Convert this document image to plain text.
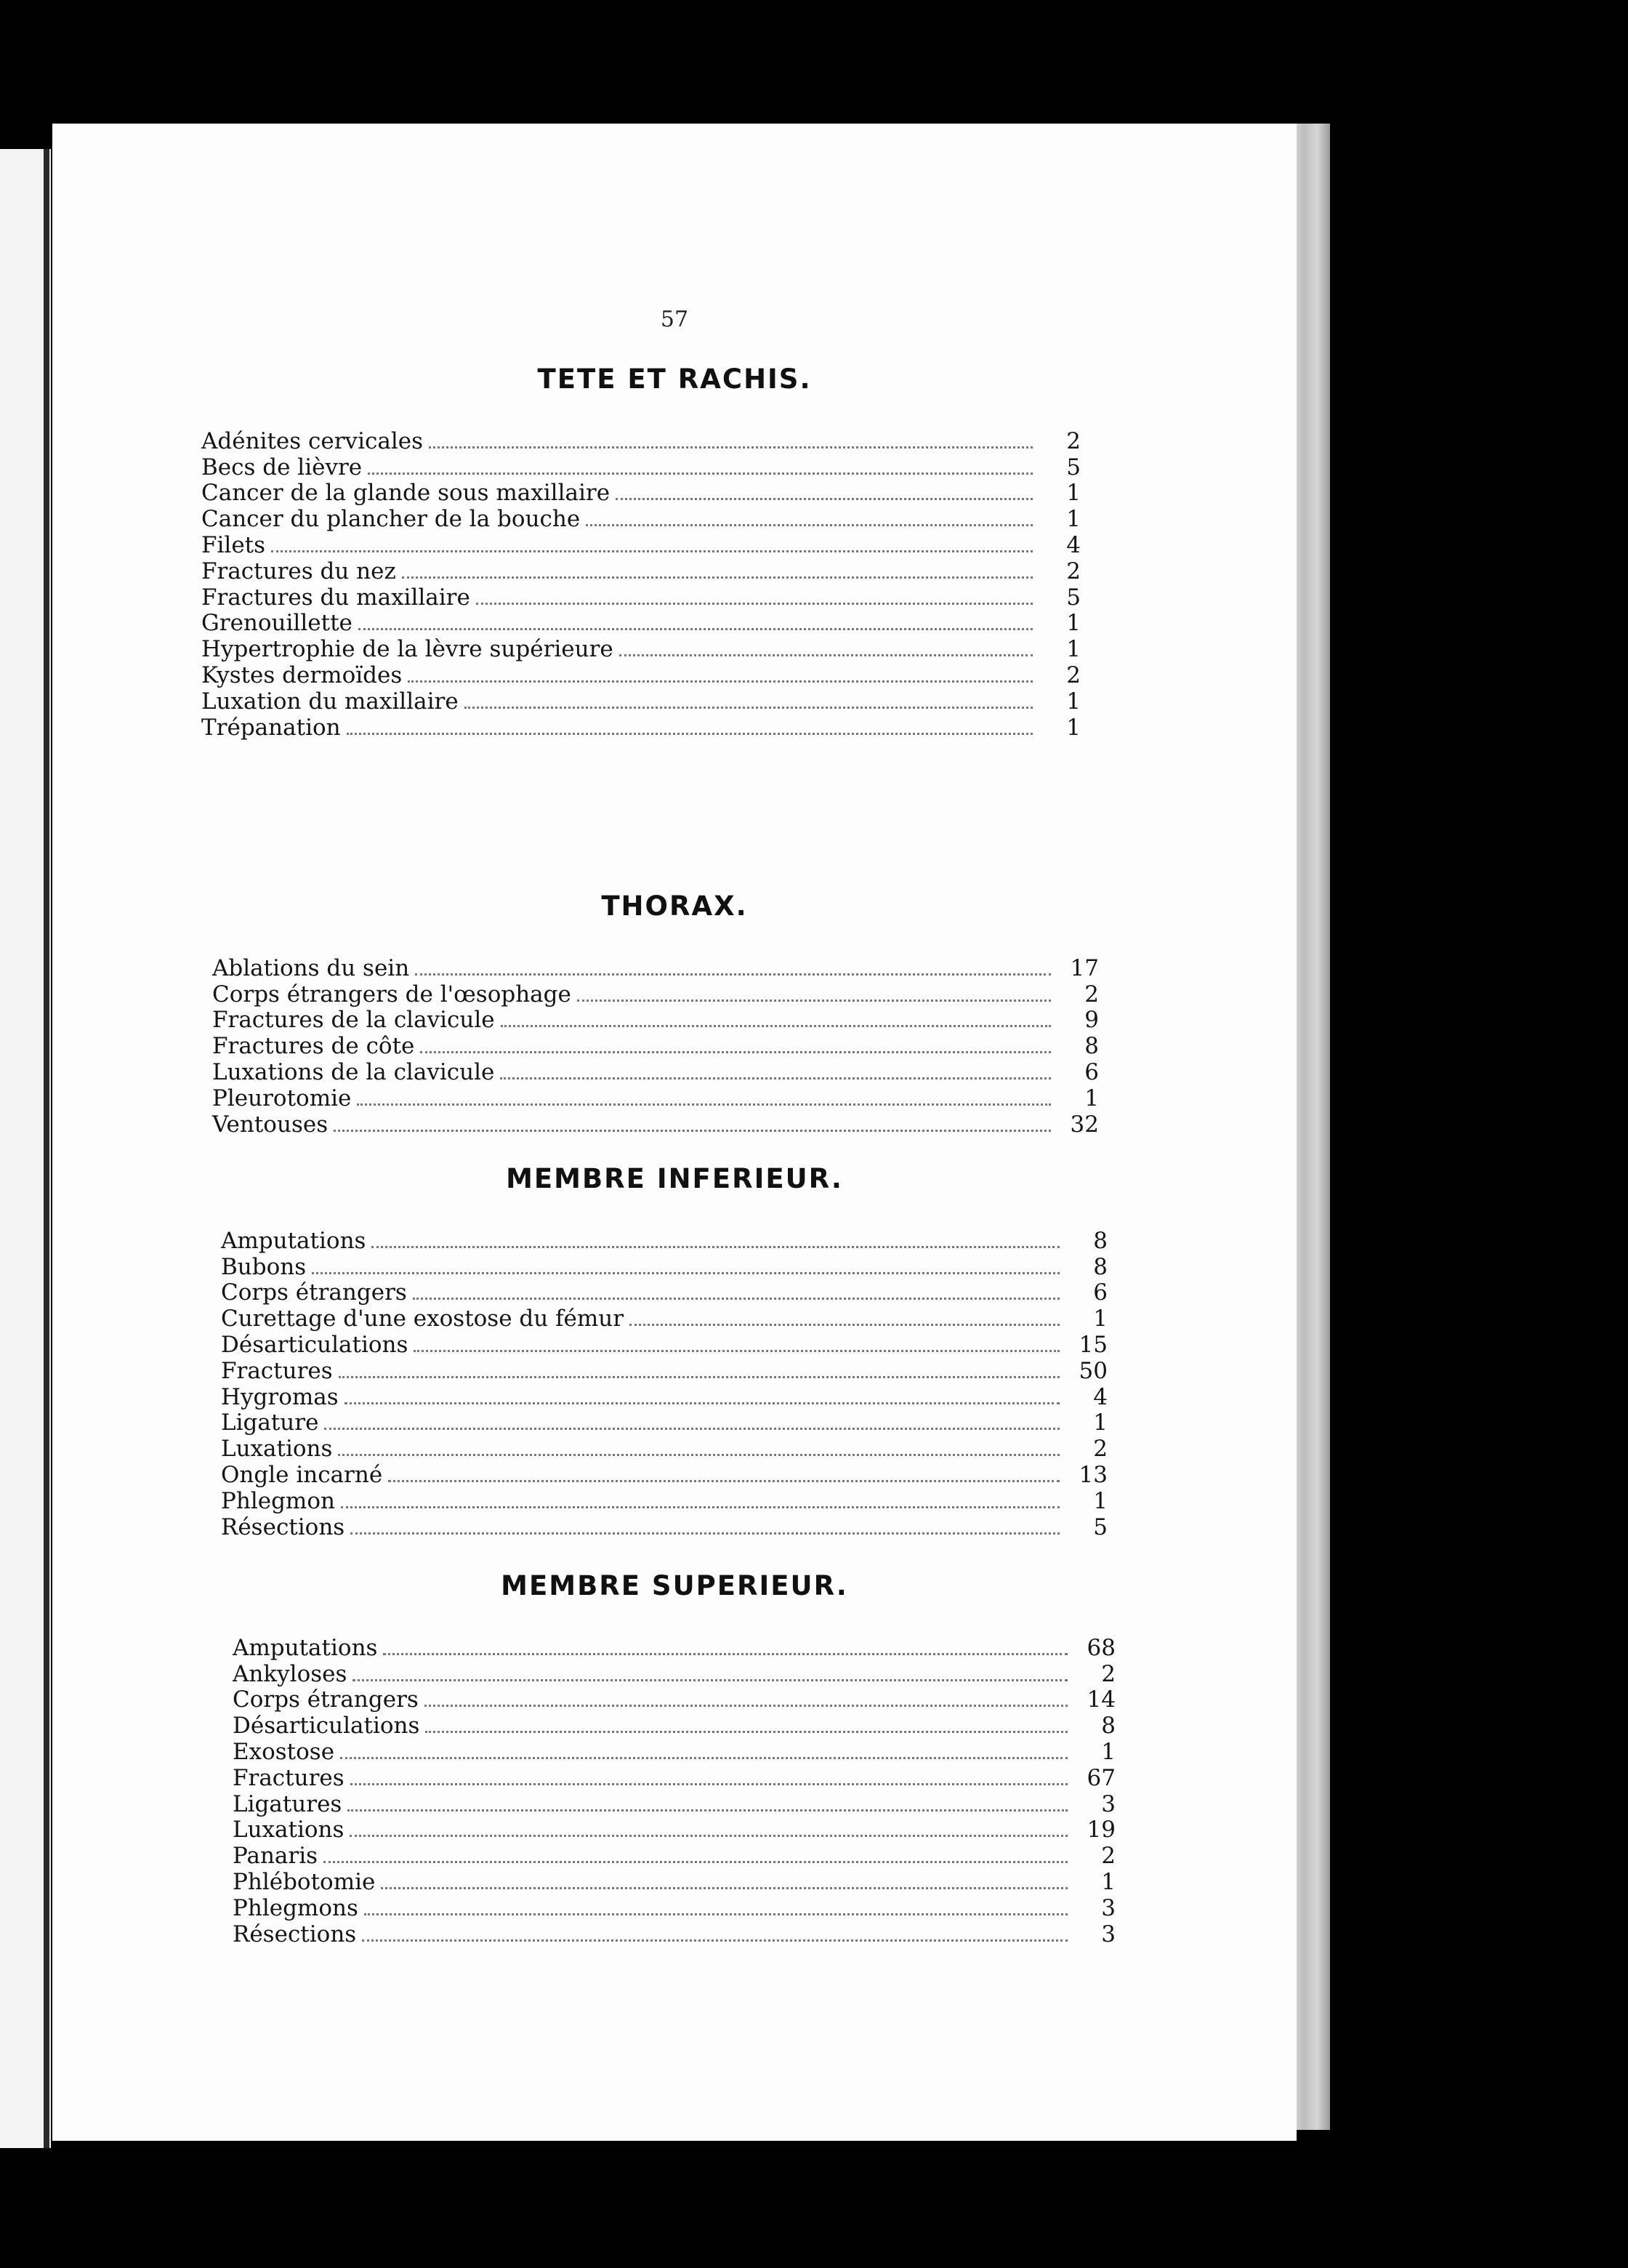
57
TETE ET RACHIS.
Adénites cervicales	2
Becs de lièvre	5
Cancer de la glande sous maxillaire	1
Cancer du plancher de la bouche	1
Filets	4
Fractures du nez	2
Fractures du maxillaire	5
Grenouillette	1
Hypertrophie de la lèvre supérieure	1
Kystes dermoïdes	2
Luxation du maxillaire	1
Trépanation	1
THORAX.
Ablations du sein	17
Corps étrangers de l'œsophage	2
Fractures de la clavicule	9
Fractures de côte	8
Luxations de la clavicule	6
Pleurotomie	1
Ventouses	32
MEMBRE INFERIEUR.
Amputations	8
Bubons	8
Corps étrangers	6
Curettage d'une exostose du fémur	1
Désarticulations	15
Fractures	50
Hygromas	4
Ligature	1
Luxations	2
Ongle incarné	13
Phlegmon	1
Résections	5
MEMBRE SUPERIEUR.
Amputations	68
Ankyloses	2
Corps étrangers	14
Désarticulations	8
Exostose	1
Fractures	67
Ligatures	3
Luxations	19
Panaris	2
Phlébotomie	1
Phlegmons	3
Résections	3
